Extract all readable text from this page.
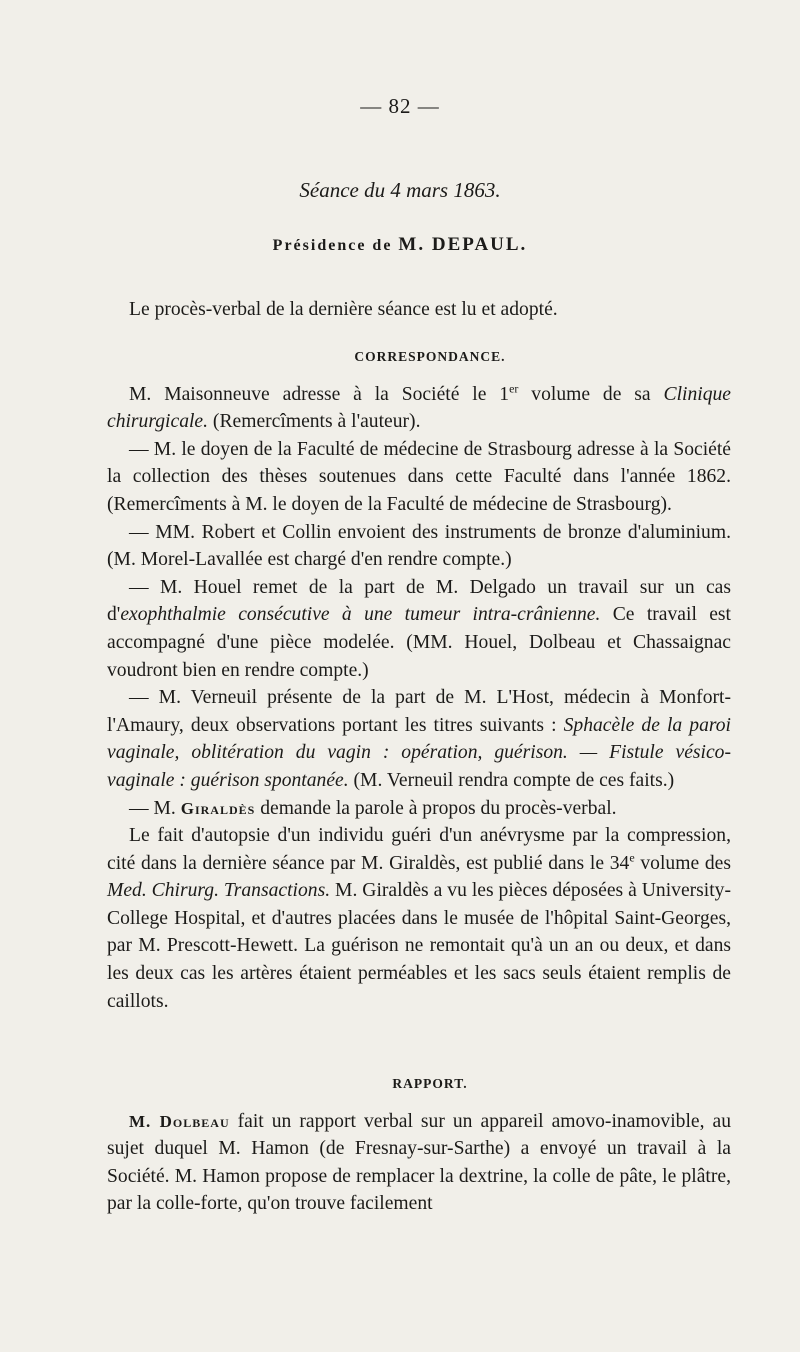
— 82 —
Séance du 4 mars 1863.
Présidence de M. DEPAUL.

Le procès-verbal de la dernière séance est lu et adopté.

CORRESPONDANCE.

M. Maisonneuve adresse à la Société le 1er volume de sa Clinique chirurgicale. (Remercîments à l'auteur).

— M. le doyen de la Faculté de médecine de Strasbourg adresse à la Société la collection des thèses soutenues dans cette Faculté dans l'année 1862. (Remercîments à M. le doyen de la Faculté de médecine de Strasbourg).

— MM. Robert et Collin envoient des instruments de bronze d'aluminium. (M. Morel-Lavallée est chargé d'en rendre compte.)

— M. Houel remet de la part de M. Delgado un travail sur un cas d'exophthalmie consécutive à une tumeur intra-crânienne. Ce travail est accompagné d'une pièce modelée. (MM. Houel, Dolbeau et Chassaignac voudront bien en rendre compte.)

— M. Verneuil présente de la part de M. L'Host, médecin à Monfort-l'Amaury, deux observations portant les titres suivants : Sphacèle de la paroi vaginale, oblitération du vagin : opération, guérison. — Fistule vésico-vaginale : guérison spontanée. (M. Verneuil rendra compte de ces faits.)

— M. Giraldès demande la parole à propos du procès-verbal.

Le fait d'autopsie d'un individu guéri d'un anévrysme par la compression, cité dans la dernière séance par M. Giraldès, est publié dans le 34e volume des Med. Chirurg. Transactions. M. Giraldès a vu les pièces déposées à University-College Hospital, et d'autres placées dans le musée de l'hôpital Saint-Georges, par M. Prescott-Hewett. La guérison ne remontait qu'à un an ou deux, et dans les deux cas les artères étaient perméables et les sacs seuls étaient remplis de caillots.

RAPPORT.

M. Dolbeau fait un rapport verbal sur un appareil amovo-inamovible, au sujet duquel M. Hamon (de Fresnay-sur-Sarthe) a envoyé un travail à la Société. M. Hamon propose de remplacer la dextrine, la colle de pâte, le plâtre, par la colle-forte, qu'on trouve facilement
